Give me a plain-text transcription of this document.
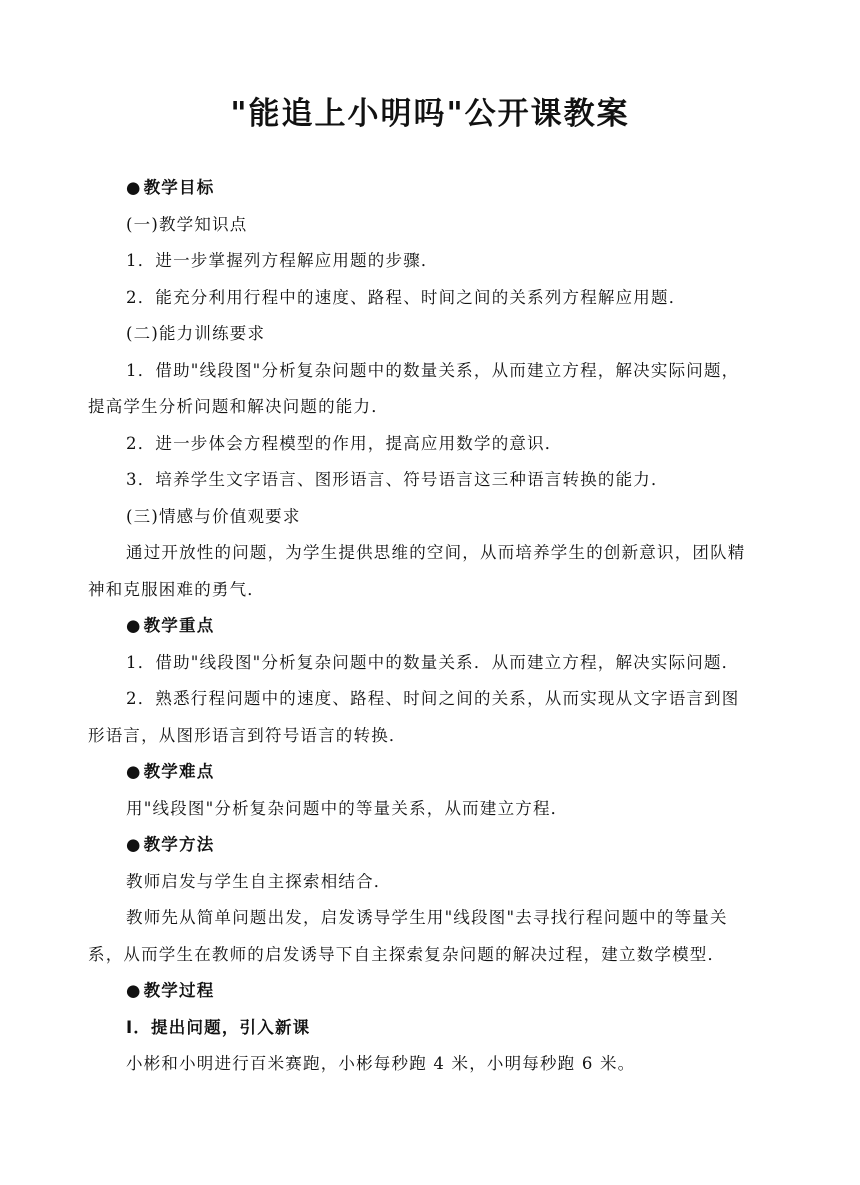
"能追上小明吗"公开课教案

● 教学目标

(一)教学知识点

1．进一步掌握列方程解应用题的步骤．

2．能充分利用行程中的速度、路程、时间之间的关系列方程解应用题．

(二)能力训练要求

1．借助"线段图"分析复杂问题中的数量关系，从而建立方程，解决实际问题，

提高学生分析问题和解决问题的能力．

2．进一步体会方程模型的作用，提高应用数学的意识．

3．培养学生文字语言、图形语言、符号语言这三种语言转换的能力．

(三)情感与价值观要求

通过开放性的问题，为学生提供思维的空间，从而培养学生的创新意识，团队精

神和克服困难的勇气．

● 教学重点

1．借助"线段图"分析复杂问题中的数量关系．从而建立方程，解决实际问题．

2．熟悉行程问题中的速度、路程、时间之间的关系，从而实现从文字语言到图

形语言，从图形语言到符号语言的转换．

● 教学难点

用"线段图"分析复杂问题中的等量关系，从而建立方程．

● 教学方法

教师启发与学生自主探索相结合．

教师先从简单问题出发，启发诱导学生用"线段图"去寻找行程问题中的等量关

系，从而学生在教师的启发诱导下自主探索复杂问题的解决过程，建立数学模型．

● 教学过程

Ⅰ．提出问题，引入新课

小彬和小明进行百米赛跑，小彬每秒跑 4 米，小明每秒跑 6 米。
